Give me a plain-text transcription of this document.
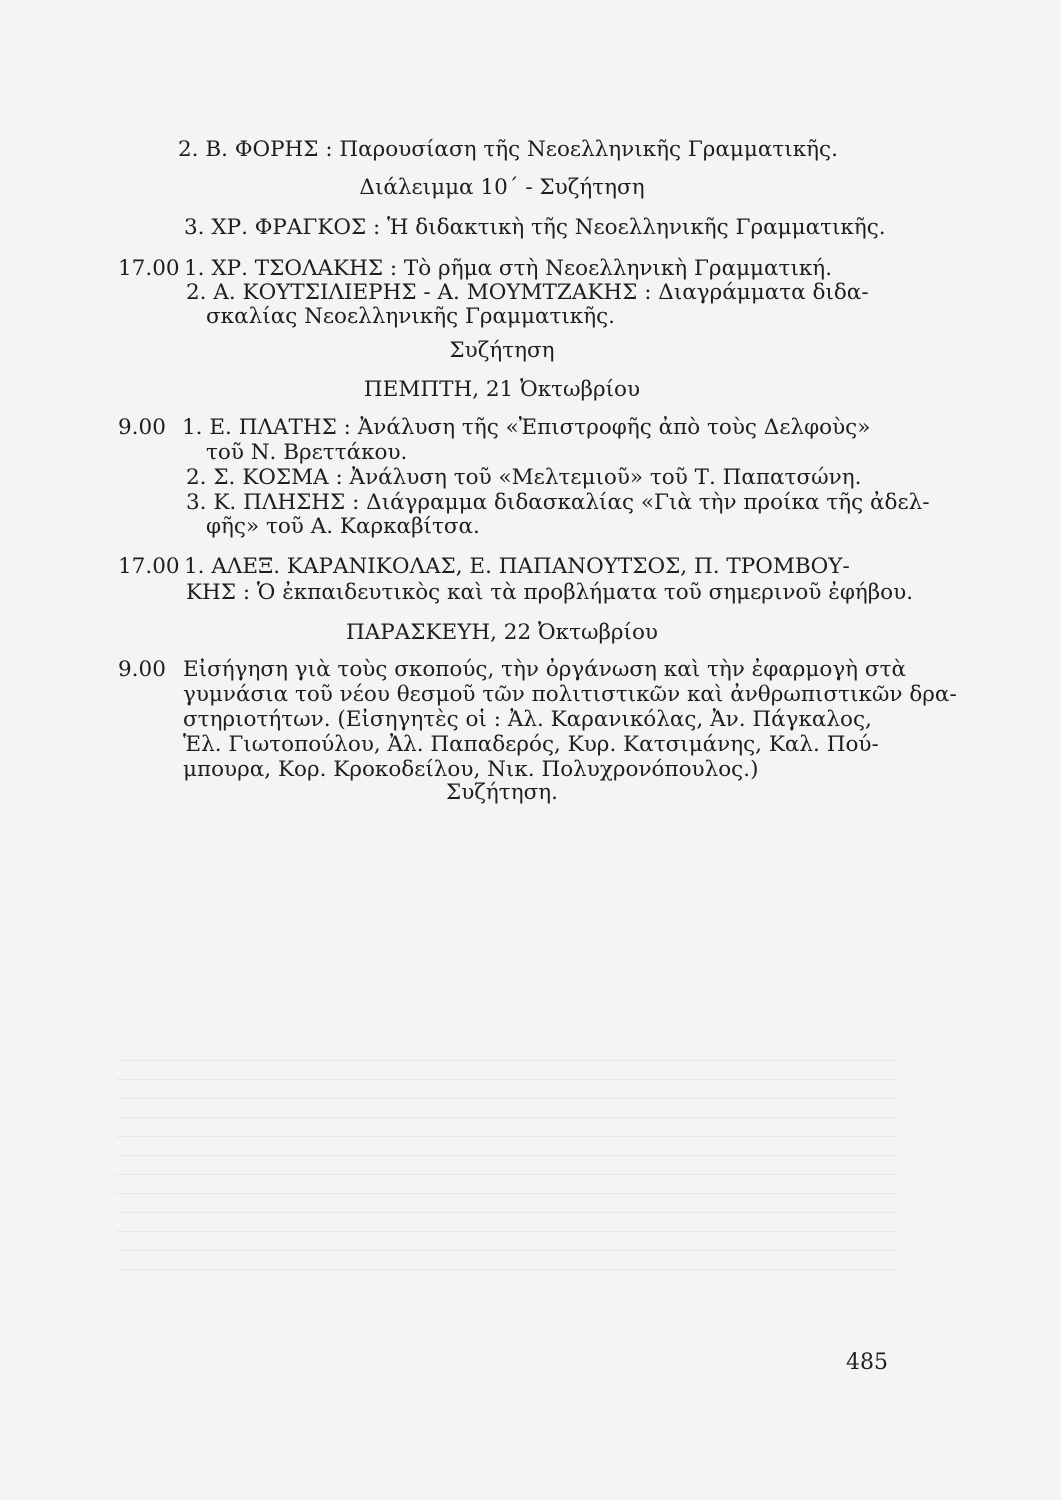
2. Β. ΦΟΡΗΣ : Παρουσίαση τῆς Νεοελληνικῆς Γραμματικῆς.
Διάλειμμα 10΄ - Συζήτηση
3. ΧΡ. ΦΡΑΓΚΟΣ : Ἡ διδακτικὴ τῆς Νεοελληνικῆς Γραμματικῆς.
17.00 1. ΧΡ. ΤΣΟΛΑΚΗΣ : Τὸ ρῆμα στὴ Νεοελληνικὴ Γραμματική.
2. Α. ΚΟΥΤΣΙΛΙΕΡΗΣ - Α. ΜΟΥΜΤΖΑΚΗΣ : Διαγράμματα διδα-
σκαλίας Νεοελληνικῆς Γραμματικῆς.
Συζήτηση
ΠΕΜΠΤΗ, 21 Ὀκτωβρίου
9.00 1. Ε. ΠΛΑΤΗΣ : Ἀνάλυση τῆς «Ἐπιστροφῆς ἀπὸ τοὺς Δελφοὺς»
τοῦ Ν. Βρεττάκου.
2. Σ. ΚΟΣΜΑ : Ἀνάλυση τοῦ «Μελτεμιοῦ» τοῦ Τ. Παπατσώνη.
3. Κ. ΠΛΗΣΗΣ : Διάγραμμα διδασκαλίας «Γιὰ τὴν προίκα τῆς ἀδελ-
φῆς» τοῦ Α. Καρκαβίτσα.
17.00 1. ΑΛΕΞ. ΚΑΡΑΝΙΚΟΛΑΣ, Ε. ΠΑΠΑΝΟΥΤΣΟΣ, Π. ΤΡΟΜΒΟΥ-
ΚΗΣ : Ὁ ἐκπαιδευτικὸς καὶ τὰ προβλήματα τοῦ σημερινοῦ ἐφήβου.
ΠΑΡΑΣΚΕΥΗ, 22 Ὀκτωβρίου
9.00 Εἰσήγηση γιὰ τοὺς σκοπούς, τὴν ὀργάνωση καὶ τὴν ἐφαρμογὴ στὰ
γυμνάσια τοῦ νέου θεσμοῦ τῶν πολιτιστικῶν καὶ ἀνθρωπιστικῶν δρα-
στηριοτήτων. (Εἰσηγητὲς οἱ : Ἀλ. Καρανικόλας, Ἀν. Πάγκαλος,
Ἑλ. Γιωτοπούλου, Ἀλ. Παπαδερός, Κυρ. Κατσιμάνης, Καλ. Πού-
μπουρα, Κορ. Κροκοδείλου, Νικ. Πολυχρονόπουλος.)
Συζήτηση.
485
